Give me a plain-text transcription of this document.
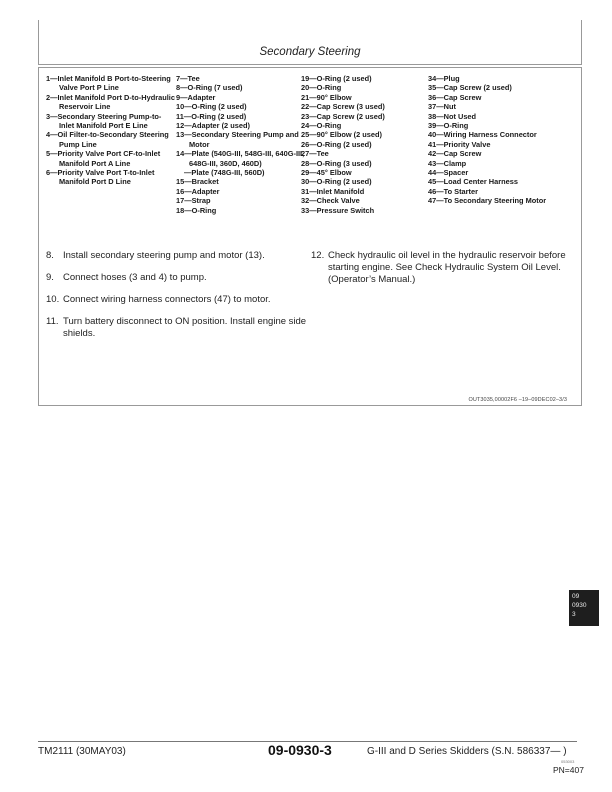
Secondary Steering
1—Inlet Manifold B Port-to-Steering Valve Port P Line
2—Inlet Manifold Port D-to-Hydraulic Reservoir Line
3—Secondary Steering Pump-to-Inlet Manifold Port E Line
4—Oil Filter-to-Secondary Steering Pump Line
5—Priority Valve Port CF-to-Inlet Manifold Port A Line
6—Priority Valve Port T-to-Inlet Manifold Port D Line
7—Tee
8—O-Ring (7 used)
9—Adapter
10—O-Ring (2 used)
11—O-Ring (2 used)
12—Adapter (2 used)
13—Secondary Steering Pump and Motor
14—Plate (540G-III, 548G-III, 640G-III, 648G-III, 360D, 460D)
—Plate (748G-III, 560D)
15—Bracket
16—Adapter
17—Strap
18—O-Ring
19—O-Ring (2 used)
20—O-Ring
21—90° Elbow
22—Cap Screw (3 used)
23—Cap Screw (2 used)
24—O-Ring
25—90° Elbow (2 used)
26—O-Ring (2 used)
27—Tee
28—O-Ring (3 used)
29—45° Elbow
30—O-Ring (2 used)
31—Inlet Manifold
32—Check Valve
33—Pressure Switch
34—Plug
35—Cap Screw (2 used)
36—Cap Screw
37—Nut
38—Not Used
39—O-Ring
40—Wiring Harness Connector
41—Priority Valve
42—Cap Screw
43—Clamp
44—Spacer
45—Load Center Harness
46—To Starter
47—To Secondary Steering Motor
8. Install secondary steering pump and motor (13).
9. Connect hoses (3 and 4) to pump.
10. Connect wiring harness connectors (47) to motor.
11. Turn battery disconnect to ON position. Install engine side shields.
12. Check hydraulic oil level in the hydraulic reservoir before starting engine. See Check Hydraulic System Oil Level. (Operator’s Manual.)
OUT3035,00002F6 –19–09DEC02–3/3
09
0930
3
TM2111 (30MAY03)	09-0930-3	G-III and D Series Skidders (S.N. 586337— )
053003
PN=407
